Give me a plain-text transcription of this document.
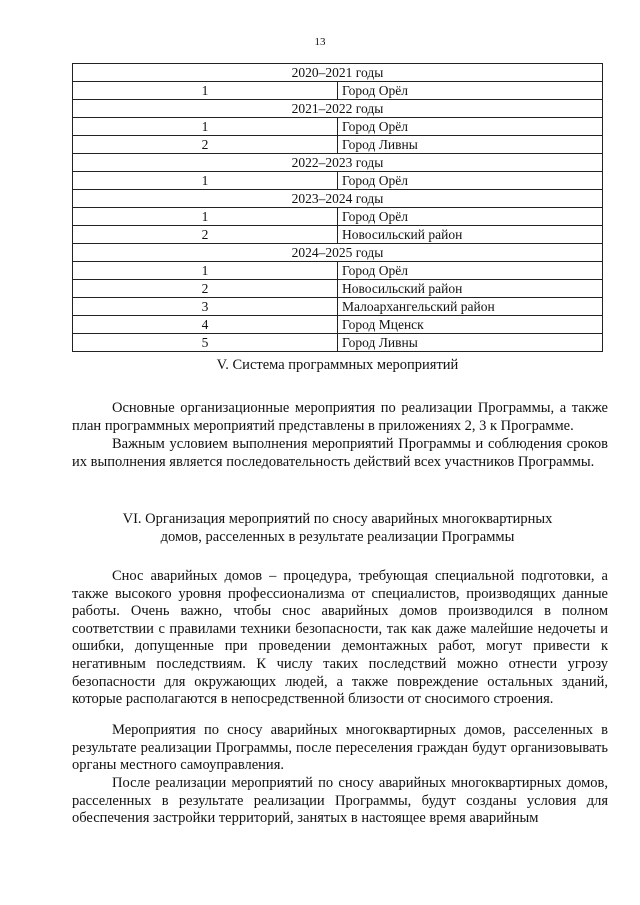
13
2020–2021 годы	
1	Город Орёл
2021–2022 годы	
1	Город Орёл
2	Город Ливны
2022–2023 годы	
1	Город Орёл
2023–2024 годы	
1	Город Орёл
2	Новосильский район
2024–2025 годы	
1	Город Орёл
2	Новосильский район
3	Малоархангельский район
4	Город Мценск
5	Город Ливны
V. Система программных мероприятий

Основные организационные мероприятия по реализации Программы, а также план программных мероприятий представлены в приложениях 2, 3 к Программе.

Важным условием выполнения мероприятий Программы и соблюдения сроков их выполнения является последовательность действий всех участников Программы.

VI. Организация мероприятий по сносу аварийных многоквартирных
домов, расселенных в результате реализации Программы

Снос аварийных домов – процедура, требующая специальной подготовки, а также высокого уровня профессионализма от специалистов, производящих данные работы. Очень важно, чтобы снос аварийных домов производился в полном соответствии с правилами техники безопасности, так как даже малейшие недочеты и ошибки, допущенные при проведении демонтажных работ, могут привести к негативным последствиям. К числу таких последствий можно отнести угрозу безопасности для окружающих людей, а также повреждение остальных зданий, которые располагаются в непосредственной близости от сносимого строения.

Мероприятия по сносу аварийных многоквартирных домов, расселенных в результате реализации Программы, после переселения граждан будут организовывать органы местного самоуправления.

После реализации мероприятий по сносу аварийных многоквартирных домов, расселенных в результате реализации Программы, будут созданы условия для обеспечения застройки территорий, занятых в настоящее время аварийным
